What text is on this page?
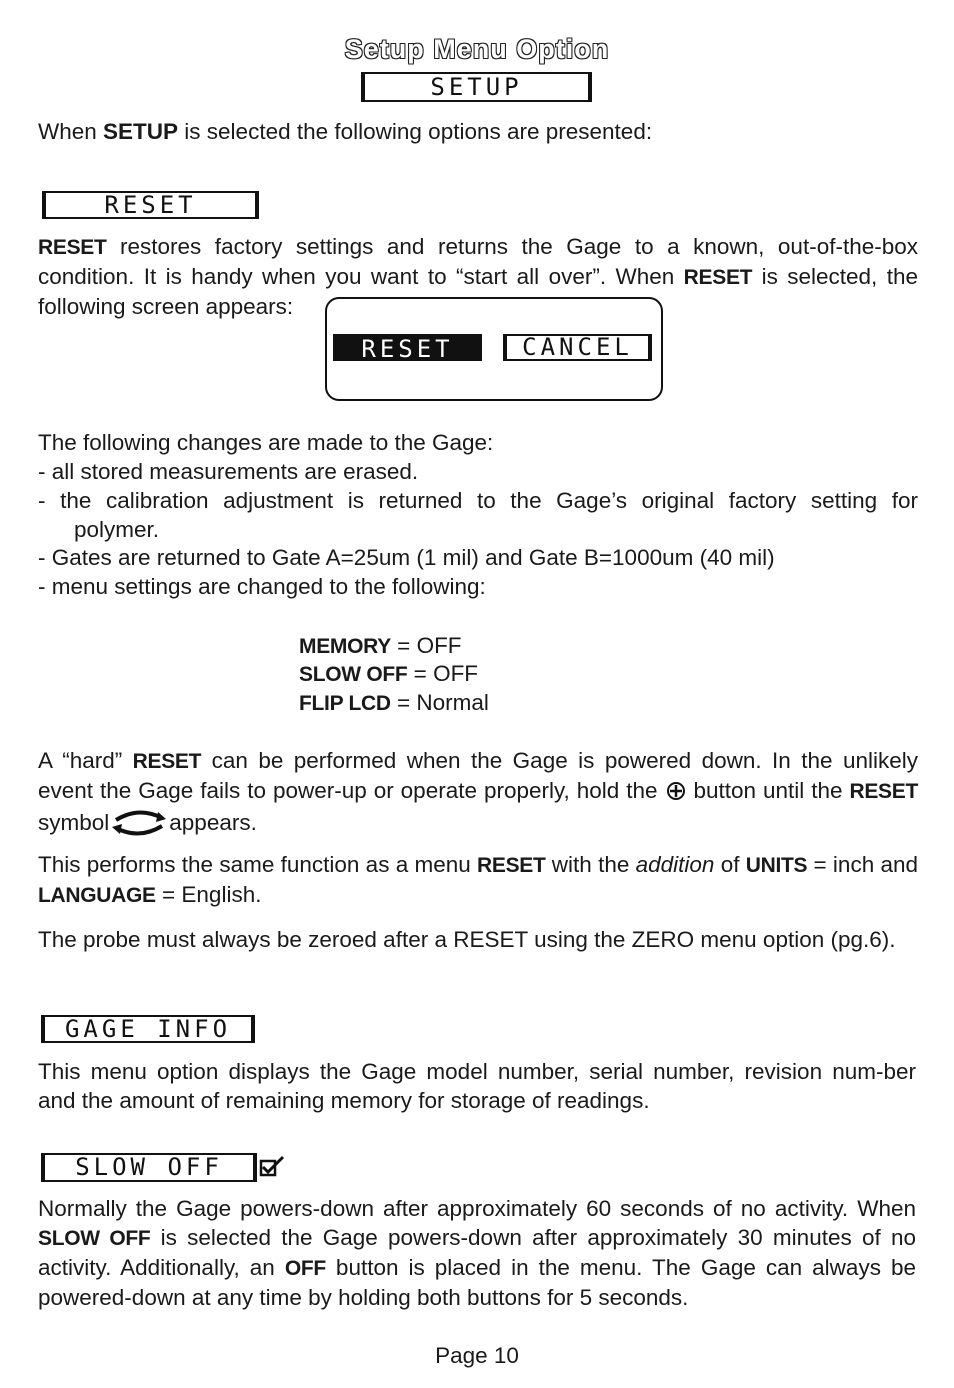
Setup Menu Option
SETUP
When SETUP is selected the following options are presented:
RESET
RESET restores factory settings and returns the Gage to a known, out-of-the-box condition. It is handy when you want to “start all over”. When RESET is selected, the following screen appears:
RESET	CANCEL
The following changes are made to the Gage:
- all stored measurements are erased.
- the calibration adjustment is returned to the Gage’s original factory setting for
polymer.
- Gates are returned to Gate A=25um (1 mil) and Gate B=1000um (40 mil)
- menu settings are changed to the following:
MEMORY = OFF
SLOW OFF = OFF
FLIP LCD = Normal
A “hard” RESET can be performed when the Gage is powered down. In the unlikely event the Gage fails to power-up or operate properly, hold the  button until the RESET symbol	appears.
This performs the same function as a menu RESET with the addition of UNITS = inch and LANGUAGE = English.
The probe must always be zeroed after a RESET using the ZERO menu option (pg.6).
GAGE INFO
This menu option displays the Gage model number, serial number, revision num-ber and the amount of remaining memory for storage of readings.
SLOW OFF
Normally the Gage powers-down after approximately 60 seconds of no activity. When SLOW OFF is selected the Gage powers-down after approximately 30 minutes of no activity. Additionally, an OFF button is placed in the menu. The Gage can always be powered-down at any time by holding both buttons for 5 seconds.
Page 10
